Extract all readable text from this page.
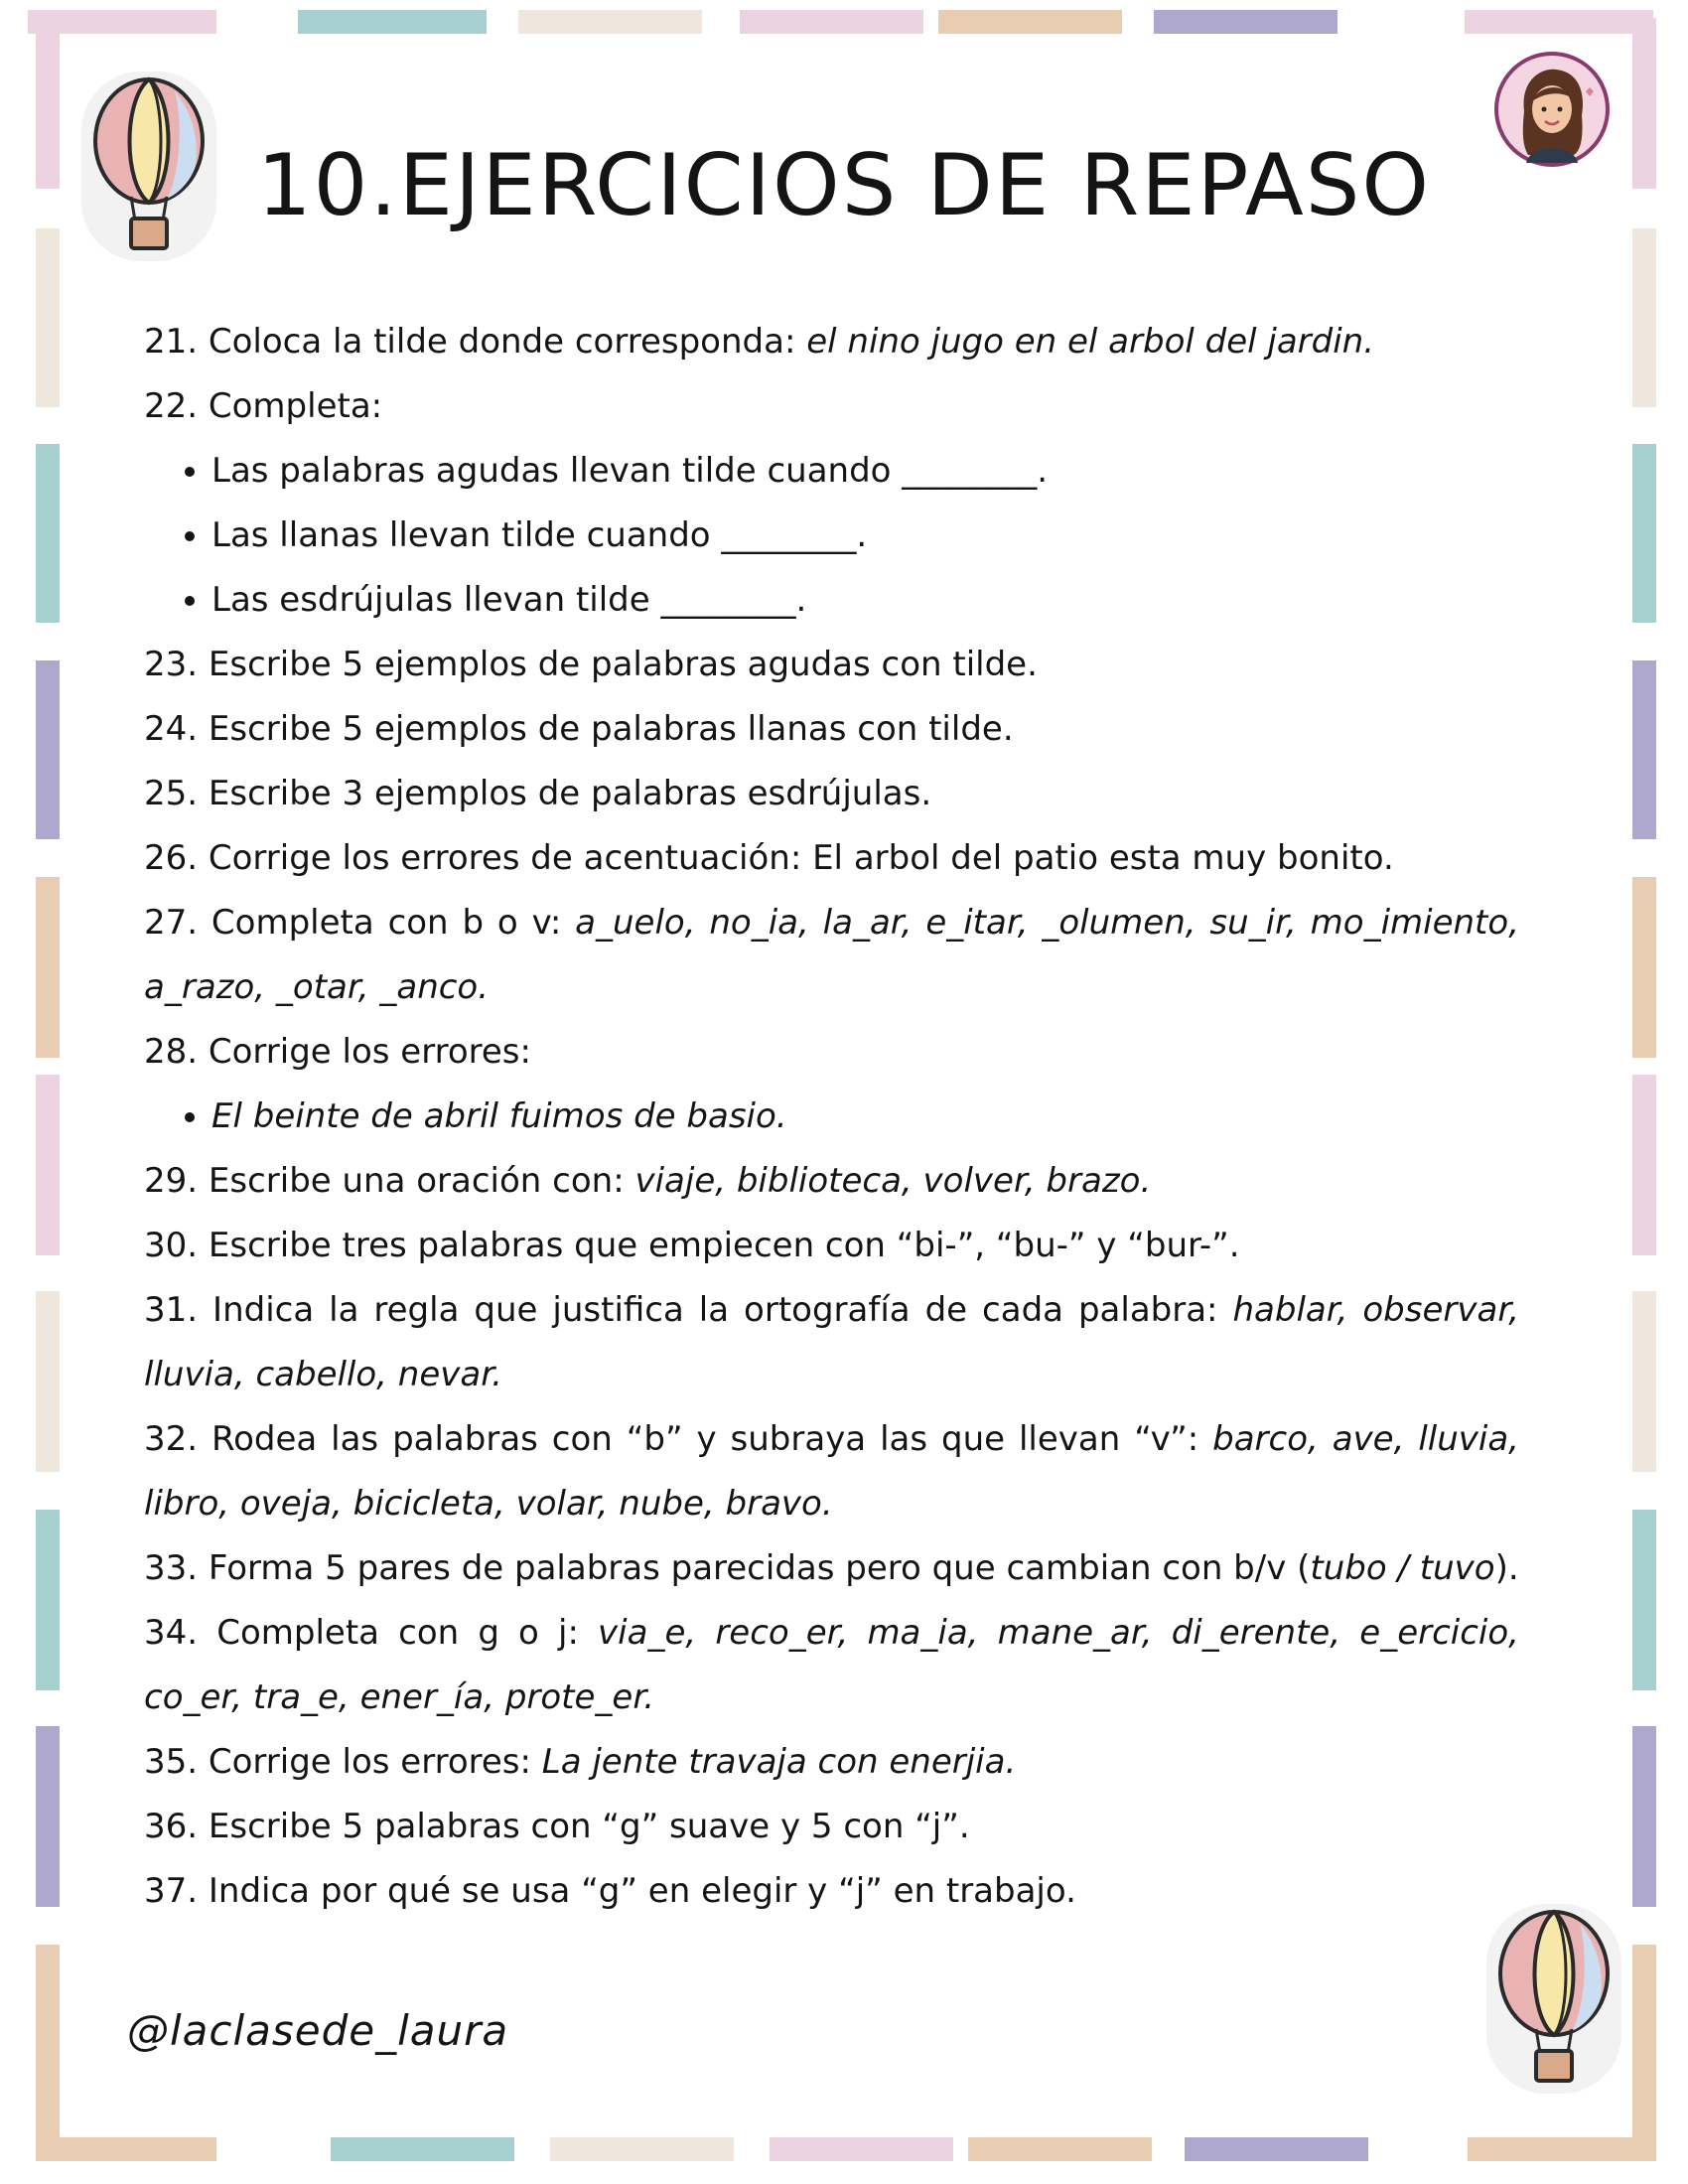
10.EJERCICIOS DE REPASO

21. Coloca la tilde donde corresponda: el nino jugo en el arbol del jardin.

22. Completa:

• Las palabras agudas llevan tilde cuando ________.
• Las llanas llevan tilde cuando ________.
• Las esdrújulas llevan tilde ________.

23. Escribe 5 ejemplos de palabras agudas con tilde.

24. Escribe 5 ejemplos de palabras llanas con tilde.

25. Escribe 3 ejemplos de palabras esdrújulas.

26. Corrige los errores de acentuación: El arbol del patio esta muy bonito.

27. Completa con b o v: a_uelo, no_ia, la_ar, e_itar, _olumen, su_ir, mo_imiento, a_razo, _otar, _anco.

28. Corrige los errores:

• El beinte de abril fuimos de basio.

29. Escribe una oración con: viaje, biblioteca, volver, brazo.

30. Escribe tres palabras que empiecen con “bi-”, “bu-” y “bur-”.

31. Indica la regla que justifica la ortografía de cada palabra: hablar, observar, lluvia, cabello, nevar.

32. Rodea las palabras con “b” y subraya las que llevan “v”: barco, ave, lluvia, libro, oveja, bicicleta, volar, nube, bravo.

33. Forma 5 pares de palabras parecidas pero que cambian con b/v (tubo / tuvo).

34. Completa con g o j: via_e, reco_er, ma_ia, mane_ar, di_erente, e_ercicio, co_er, tra_e, ener_ía, prote_er.

35. Corrige los errores: La jente travaja con enerjia.

36. Escribe 5 palabras con “g” suave y 5 con “j”.

37. Indica por qué se usa “g” en elegir y “j” en trabajo.

@laclasede_laura
